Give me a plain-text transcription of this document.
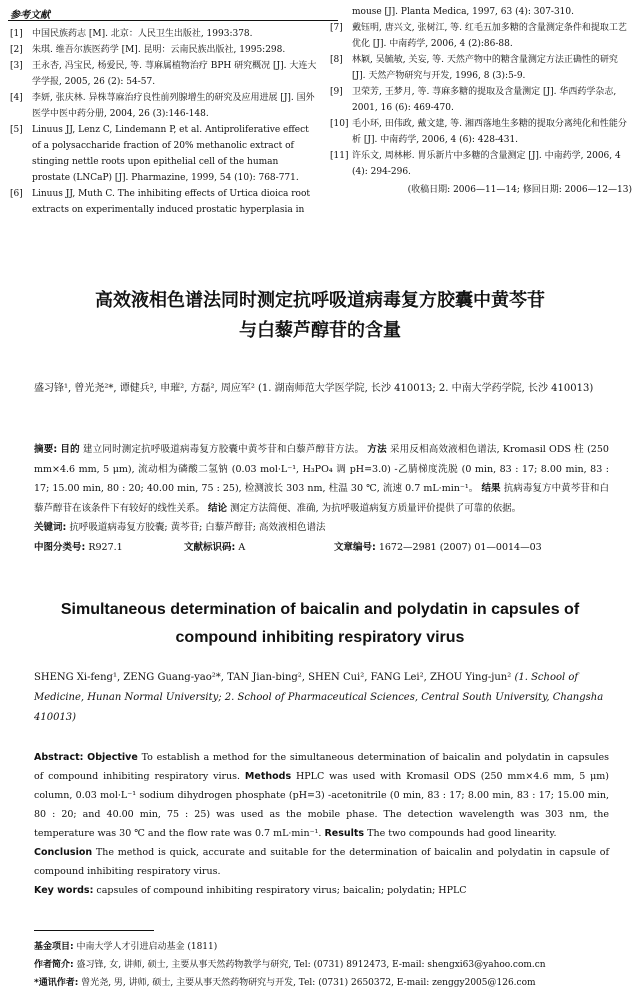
参考文献
[1]	中国民族药志 [M]. 北京：人民卫生出版社, 1993:378.
[2]	朱琪. 维吾尔族医药学 [M]. 昆明：云南民族出版社, 1995:298.
[3]	王永杏, 冯宝民, 杨爱民, 等. 荨麻属植物治疗 BPH 研究概况 [J]. 大连大学学报, 2005, 26 (2): 54-57.
[4]	李妍, 张庆林. 异株荨麻治疗良性前列腺增生的研究及应用进展 [J]. 国外医学中医中药分册, 2004, 26 (3):146-148.
[5]	Linuus JJ, Lenz C, Lindemann P, et al. Antiproliferative effect of a polysaccharide fraction of 20% methanolic extract of stinging nettle roots upon epithelial cell of the human prostate (LNCaP) [J]. Pharmazine, 1999, 54 (10): 768-771.
[6]	Linuus JJ, Muth C. The inhibiting effects of Urtica dioica root extracts on experimentally induced prostatic hyperplasia in
mouse [J]. Planta Medica, 1997, 63 (4): 307-310.
[7]	戴钰明, 唐兴文, 张树江, 等. 红毛五加多糖的含量测定条件和提取工艺优化 [J]. 中南药学, 2006, 4 (2):86-88.
[8]	林颖, 吴毓敏, 关妄, 等. 天然产物中的糖含量测定方法正确性的研究 [J]. 天然产物研究与开发, 1996, 8 (3):5-9.
[9]	卫荣芳, 王梦月, 等. 荨麻多糖的提取及含量测定 [J]. 华西药学杂志, 2001, 16 (6): 469-470.
[10] 毛小环, 田伟政, 戴文建, 等. 湘西落地生多糖的提取分离纯化和性能分析 [J]. 中南药学, 2006, 4 (6): 428-431.
[11] 许乐文, 周林彬. 胃乐新片中多糖的含量测定 [J]. 中南药学, 2006, 4 (4): 294-296.
(收稿日期: 2006—11—14; 修回日期: 2006—12—13)
高效液相色谱法同时测定抗呼吸道病毒复方胶囊中黄芩苷
与白藜芦醇苷的含量
盛习锋¹, 曾光尧²*, 谭健兵², 申璀², 方磊², 周应军² (1. 湖南师范大学医学院, 长沙 410013; 2. 中南大学药学院, 长沙 410013)
摘要: 目的 建立同时测定抗呼吸道病毒复方胶囊中黄芩苷和白藜芦醇苷方法。 方法 采用反相高效液相色谱法, Kromasil ODS 柱 (250 mm×4.6 mm, 5 μm), 流动相为磷酸二氢钠 (0.03 mol·L⁻¹, H₃PO₄ 调 pH=3.0) -乙腈梯度洗脱 (0 min, 83 : 17; 8.00 min, 83 : 17; 15.00 min, 80 : 20; 40.00 min, 75 : 25), 检测波长 303 nm, 柱温 30 ℃, 流速 0.7 mL·min⁻¹。 结果 抗病毒复方中黄芩苷和白藜芦醇苷在该条件下有较好的线性关系。 结论 测定方法简便、准确, 为抗呼吸道病复方质量评价提供了可靠的依据。
关键词: 抗呼吸道病毒复方胶囊; 黄芩苷; 白藜芦醇苷; 高效液相色谱法
中图分类号: R927.1	文献标识码: A	文章编号: 1672—2981 (2007) 01—0014—03
Simultaneous determination of baicalin and polydatin in capsules of
compound inhibiting respiratory virus
SHENG Xi-feng¹, ZENG Guang-yao²*, TAN Jian-bing², SHEN Cui², FANG Lei², ZHOU Ying-jun² (1. School of Medicine, Hunan Normal University; 2. School of Pharmaceutical Sciences, Central South University, Changsha 410013)
Abstract: Objective To establish a method for the simultaneous determination of baicalin and polydatin in capsules of compound inhibiting respiratory virus. Methods HPLC was used with Kromasil ODS (250 mm×4.6 mm, 5 μm) column, 0.03 mol·L⁻¹ sodium dihydrogen phosphate (pH=3) -acetonitrile (0 min, 83 : 17; 8.00 min, 83 : 17; 15.00 min, 80 : 20; and 40.00 min, 75 : 25) was used as the mobile phase. The detection wavelength was 303 nm, the temperature was 30 ℃ and the flow rate was 0.7 mL·min⁻¹. Results The two compounds had good linearity.
Conclusion The method is quick, accurate and suitable for the determination of baicalin and polydatin in capsule of compound inhibiting respiratory virus.
Key words: capsules of compound inhibiting respiratory virus; baicalin; polydatin; HPLC
基金项目: 中南大学人才引进启动基金 (1811)
作者简介: 盛习锋, 女, 讲师, 硕士, 主要从事天然药物教学与研究, Tel: (0731) 8912473, E-mail: shengxi63@yahoo.com.cn
*通讯作者: 曾光尧, 男, 讲师, 硕士, 主要从事天然药物研究与开发, Tel: (0731) 2650372, E-mail: zenggy2005@126.com
